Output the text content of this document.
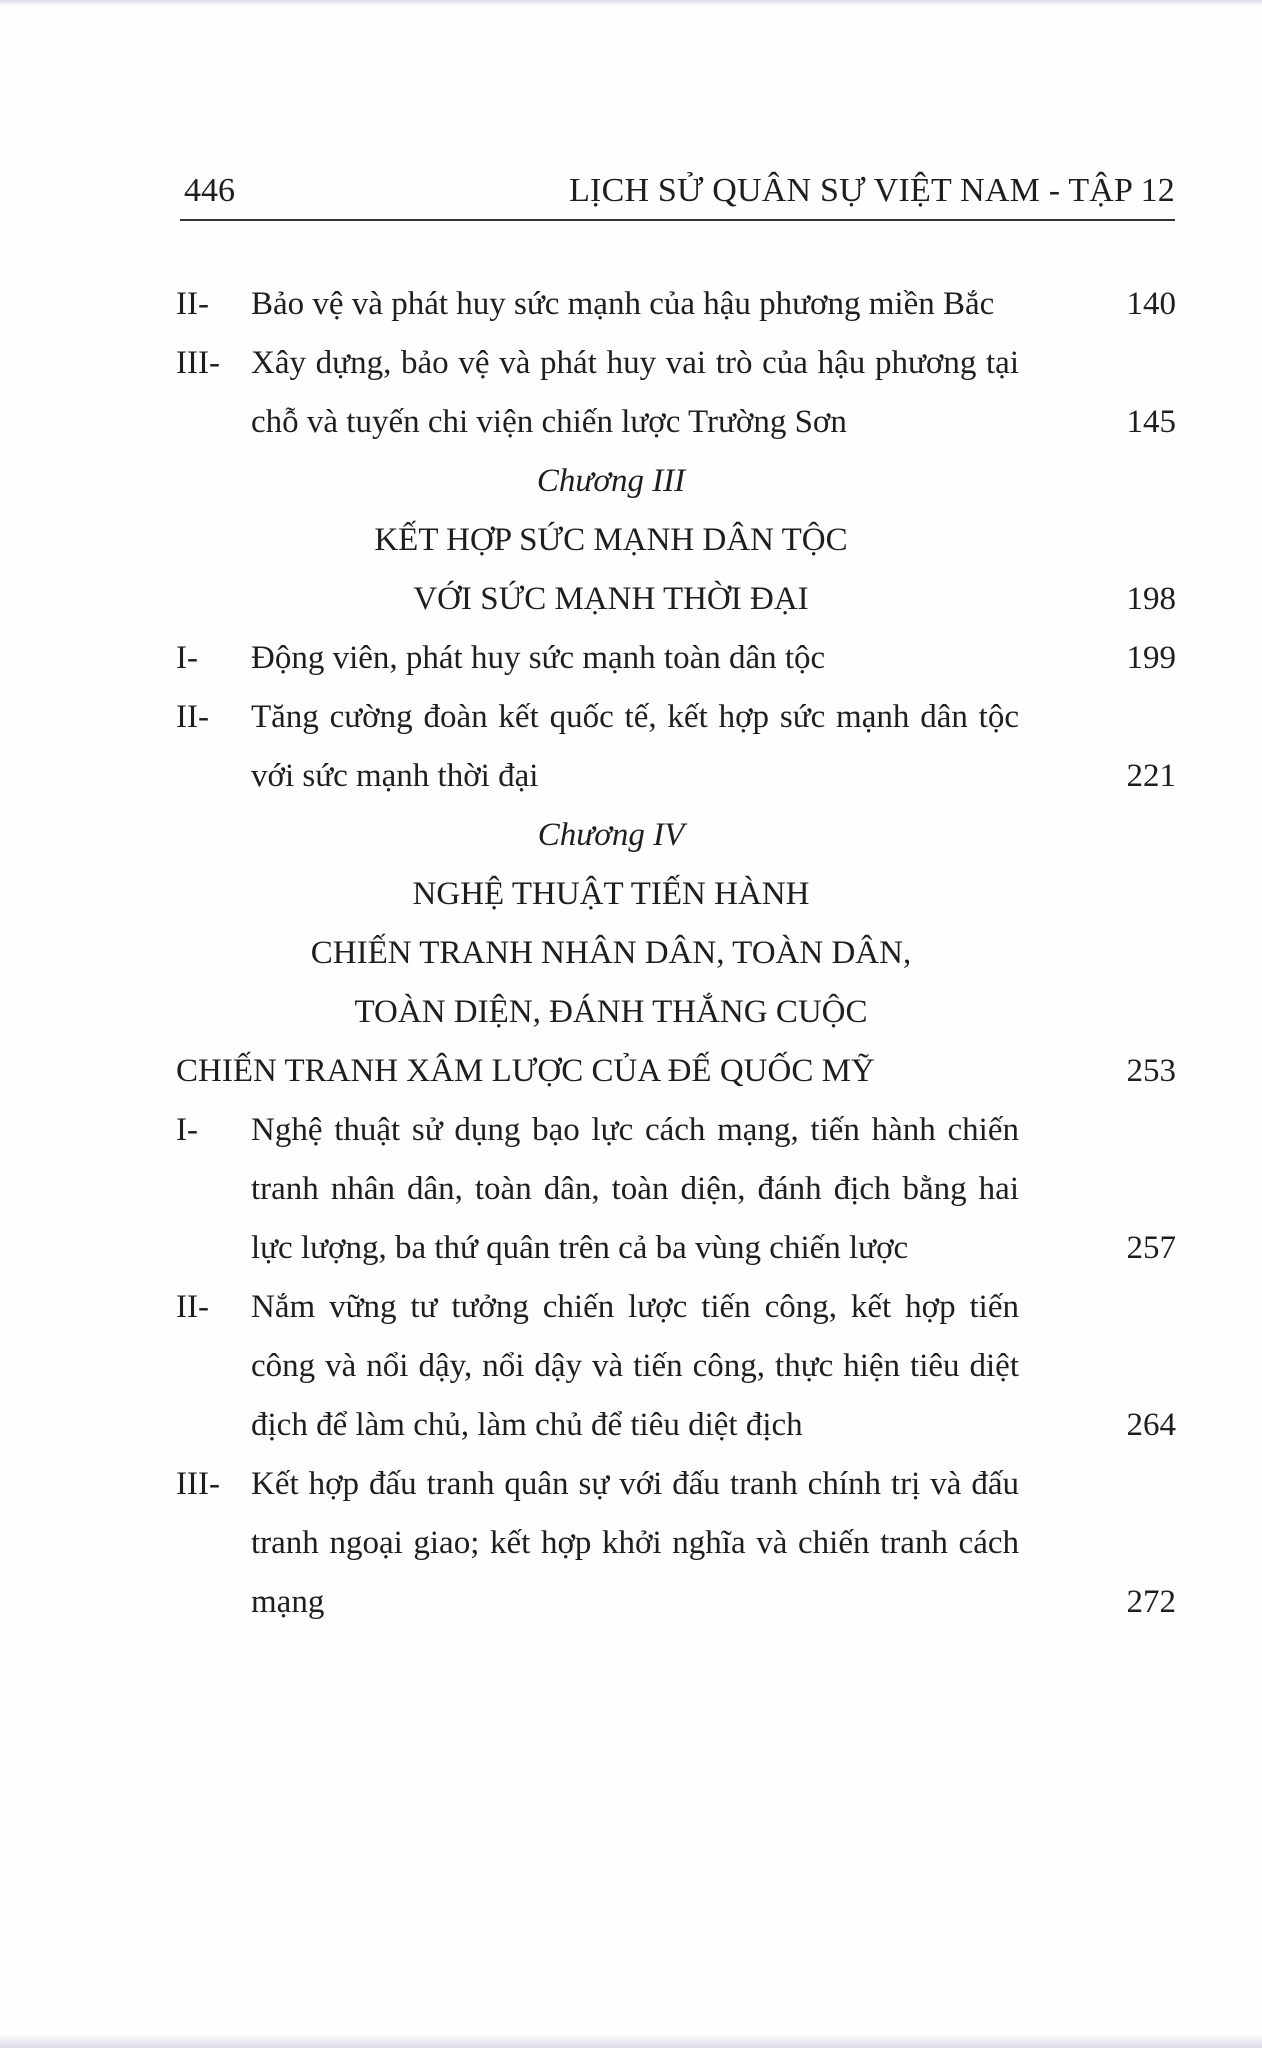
446	LỊCH SỬ QUÂN SỰ VIỆT NAM - TẬP 12
II- Bảo vệ và phát huy sức mạnh của hậu phương miền Bắc	140
III- Xây dựng, bảo vệ và phát huy vai trò của hậu phương tại chỗ và tuyến chi viện chiến lược Trường Sơn	145
Chương III
KẾT HỢP SỨC MẠNH DÂN TỘC
VỚI SỨC MẠNH THỜI ĐẠI	198
I- Động viên, phát huy sức mạnh toàn dân tộc	199
II- Tăng cường đoàn kết quốc tế, kết hợp sức mạnh dân tộc với sức mạnh thời đại	221
Chương IV
NGHỆ THUẬT TIẾN HÀNH
CHIẾN TRANH NHÂN DÂN, TOÀN DÂN,
TOÀN DIỆN, ĐÁNH THẮNG CUỘC
CHIẾN TRANH XÂM LƯỢC CỦA ĐẾ QUỐC MỸ	253
I- Nghệ thuật sử dụng bạo lực cách mạng, tiến hành chiến tranh nhân dân, toàn dân, toàn diện, đánh địch bằng hai lực lượng, ba thứ quân trên cả ba vùng chiến lược	257
II- Nắm vững tư tưởng chiến lược tiến công, kết hợp tiến công và nổi dậy, nổi dậy và tiến công, thực hiện tiêu diệt địch để làm chủ, làm chủ để tiêu diệt địch	264
III- Kết hợp đấu tranh quân sự với đấu tranh chính trị và đấu tranh ngoại giao; kết hợp khởi nghĩa và chiến tranh cách mạng	272
